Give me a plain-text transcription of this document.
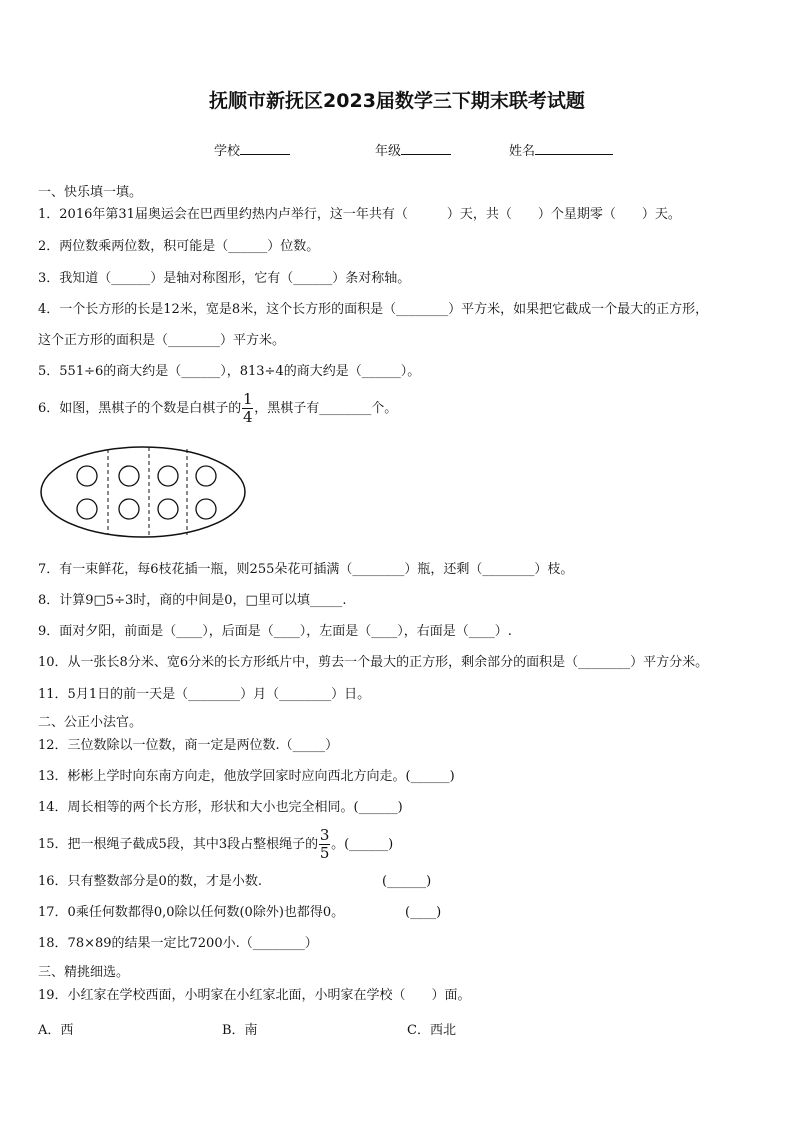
抚顺市新抚区2023届数学三下期末联考试题
学校	年级	姓名
一、快乐填一填。
1．2016年第31届奥运会在巴西里约热内卢举行，这一年共有（　　　）天，共（　　）个星期零（　　）天。
2．两位数乘两位数，积可能是（______）位数。
3．我知道（______）是轴对称图形，它有（______）条对称轴。
4．一个长方形的长是12米，宽是8米，这个长方形的面积是（________）平方米，如果把它截成一个最大的正方形，
这个正方形的面积是（________）平方米。
5．551÷6的商大约是（______），813÷4的商大约是（______）。
6．如图，黑棋子的个数是白棋子的 $\frac{1}{4}$ ，黑棋子有________个。
7．有一束鲜花，每6枝花插一瓶，则255朵花可插满（________）瓶，还剩（________）枝。
8．计算9□5÷3时，商的中间是0，□里可以填_____.
9．面对夕阳，前面是（____），后面是（____），左面是（____），右面是（____）.
10．从一张长8分米、宽6分米的长方形纸片中，剪去一个最大的正方形，剩余部分的面积是（________）平方分米。
11．5月1日的前一天是（________）月（________）日。
二、公正小法官。
12．三位数除以一位数，商一定是两位数.（_____）
13．彬彬上学时向东南方向走，他放学回家时应向西北方向走。(______)
14．周长相等的两个长方形，形状和大小也完全相同。(______)
15．把一根绳子截成5段，其中3段占整根绳子的 $\frac{3}{5}$ 。(______)
16．只有整数部分是0的数，才是小数.	(______)
17．0乘任何数都得0,0除以任何数(0除外)也都得0。	(____)
18．78×89的结果一定比7200小.（________）
三、精挑细选。
19．小红家在学校西面，小明家在小红家北面，小明家在学校（　　）面。
A．西	B．南	C．西北
